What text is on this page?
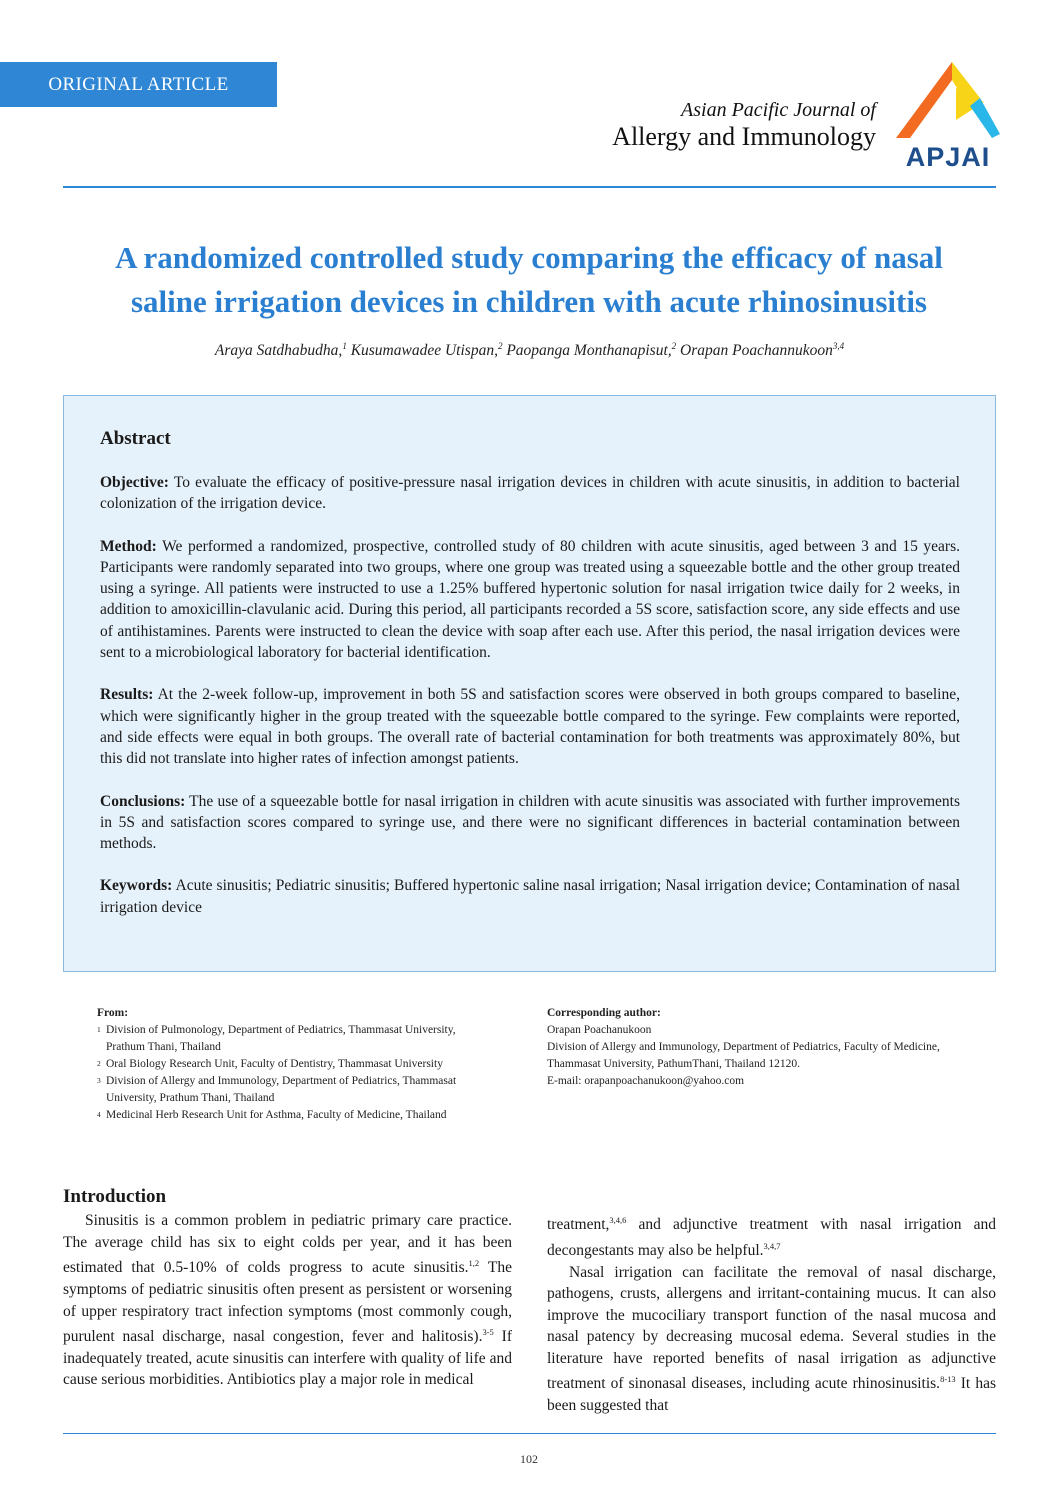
ORIGINAL ARTICLE
Asian Pacific Journal of
Allergy and Immunology
APJAI
A randomized controlled study comparing the efficacy of nasal
saline irrigation devices in children with acute rhinosinusitis
Araya Satdhabudha,$^1$ Kusumawadee Utispan,$^2$ Paopanga Monthanapisut,$^2$ Orapan Poachannukoon$^{3,4}$
Abstract

Objective: To evaluate the efficacy of positive-pressure nasal irrigation devices in children with acute sinusitis, in addition to bacterial colonization of the irrigation device.

Method: We performed a randomized, prospective, controlled study of 80 children with acute sinusitis, aged between 3 and 15 years. Participants were randomly separated into two groups, where one group was treated using a squeezable bottle and the other group treated using a syringe. All patients were instructed to use a 1.25% buffered hypertonic solution for nasal irrigation twice daily for 2 weeks, in addition to amoxicillin-clavulanic acid. During this period, all participants recorded a 5S score, satisfaction score, any side effects and use of antihistamines. Parents were instructed to clean the device with soap after each use. After this period, the nasal irrigation devices were sent to a microbiological laboratory for bacterial identification.

Results: At the 2-week follow-up, improvement in both 5S and satisfaction scores were observed in both groups compared to baseline, which were significantly higher in the group treated with the squeezable bottle compared to the syringe. Few complaints were reported, and side effects were equal in both groups. The overall rate of bacterial contamination for both treatments was approximately 80%, but this did not translate into higher rates of infection amongst patients.

Conclusions: The use of a squeezable bottle for nasal irrigation in children with acute sinusitis was associated with further improvements in 5S and satisfaction scores compared to syringe use, and there were no significant differences in bacterial contamination between methods.

Keywords: Acute sinusitis; Pediatric sinusitis; Buffered hypertonic saline nasal irrigation; Nasal irrigation device; Contamination of nasal irrigation device

From:
1 Division of Pulmonology, Department of Pediatrics, Thammasat University, Prathum Thani, Thailand
2 Oral Biology Research Unit, Faculty of Dentistry, Thammasat University
3 Division of Allergy and Immunology, Department of Pediatrics, Thammasat University, Prathum Thani, Thailand
4 Medicinal Herb Research Unit for Asthma, Faculty of Medicine, Thailand
Corresponding author:
Orapan Poachanukoon
Division of Allergy and Immunology, Department of Pediatrics, Faculty of Medicine, Thammasat University, PathumThani, Thailand 12120.
E-mail: orapanpoachanukoon@yahoo.com
Introduction

Sinusitis is a common problem in pediatric primary care practice. The average child has six to eight colds per year, and it has been estimated that 0.5-10% of colds progress to acute sinusitis.$^{1,2}$ The symptoms of pediatric sinusitis often present as persistent or worsening of upper respiratory tract infection symptoms (most commonly cough, purulent nasal discharge, nasal congestion, fever and halitosis).$^{3-5}$ If inadequately treated, acute sinusitis can interfere with quality of life and cause serious morbidities. Antibiotics play a major role in medical

treatment,$^{3,4,6}$ and adjunctive treatment with nasal irrigation and decongestants may also be helpful.$^{3,4,7}$

Nasal irrigation can facilitate the removal of nasal discharge, pathogens, crusts, allergens and irritant-containing mucus. It can also improve the mucociliary transport function of the nasal mucosa and nasal patency by decreasing mucosal edema. Several studies in the literature have reported benefits of nasal irrigation as adjunctive treatment of sinonasal diseases, including acute rhinosinusitis.$^{8-13}$ It has been suggested that

102
